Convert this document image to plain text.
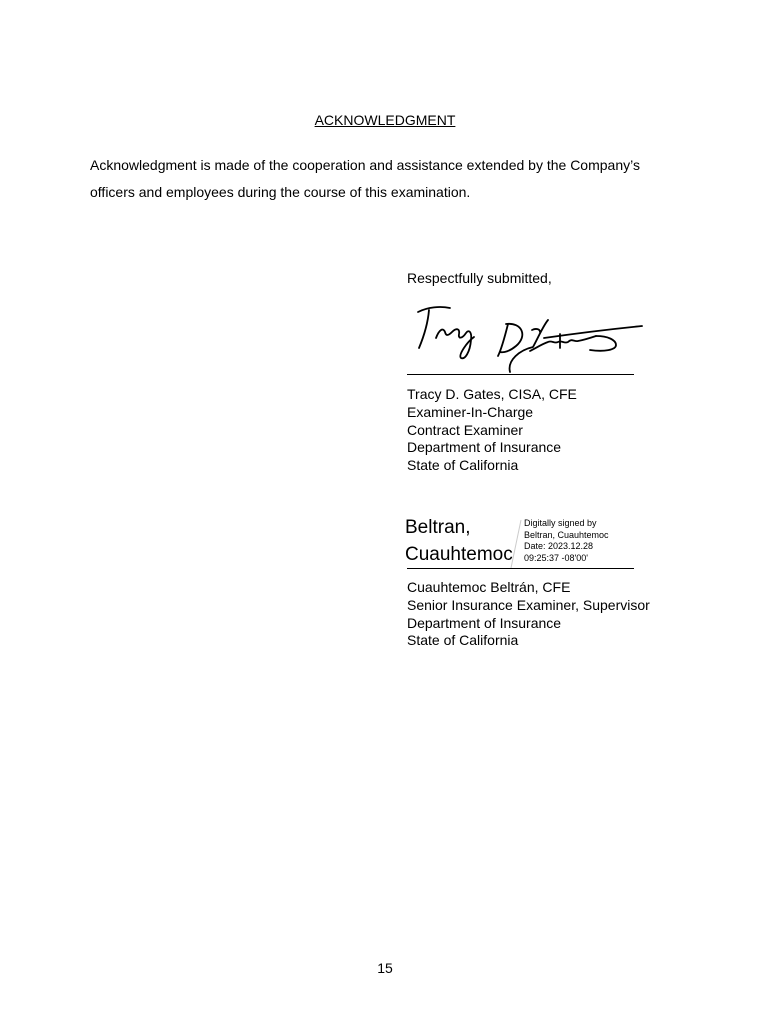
ACKNOWLEDGMENT
Acknowledgment is made of the cooperation and assistance extended by the Company’s
officers and employees during the course of this examination.
Respectfully submitted,
Tracy D. Gates, CISA, CFE
Examiner-In-Charge
Contract Examiner
Department of Insurance
State of California
Beltran,
Cuauhtemoc
Digitally signed by
Beltran, Cuauhtemoc
Date: 2023.12.28
09:25:37 -08'00'
Cuauhtemoc Beltrán, CFE
Senior Insurance Examiner, Supervisor
Department of Insurance
State of California
15
